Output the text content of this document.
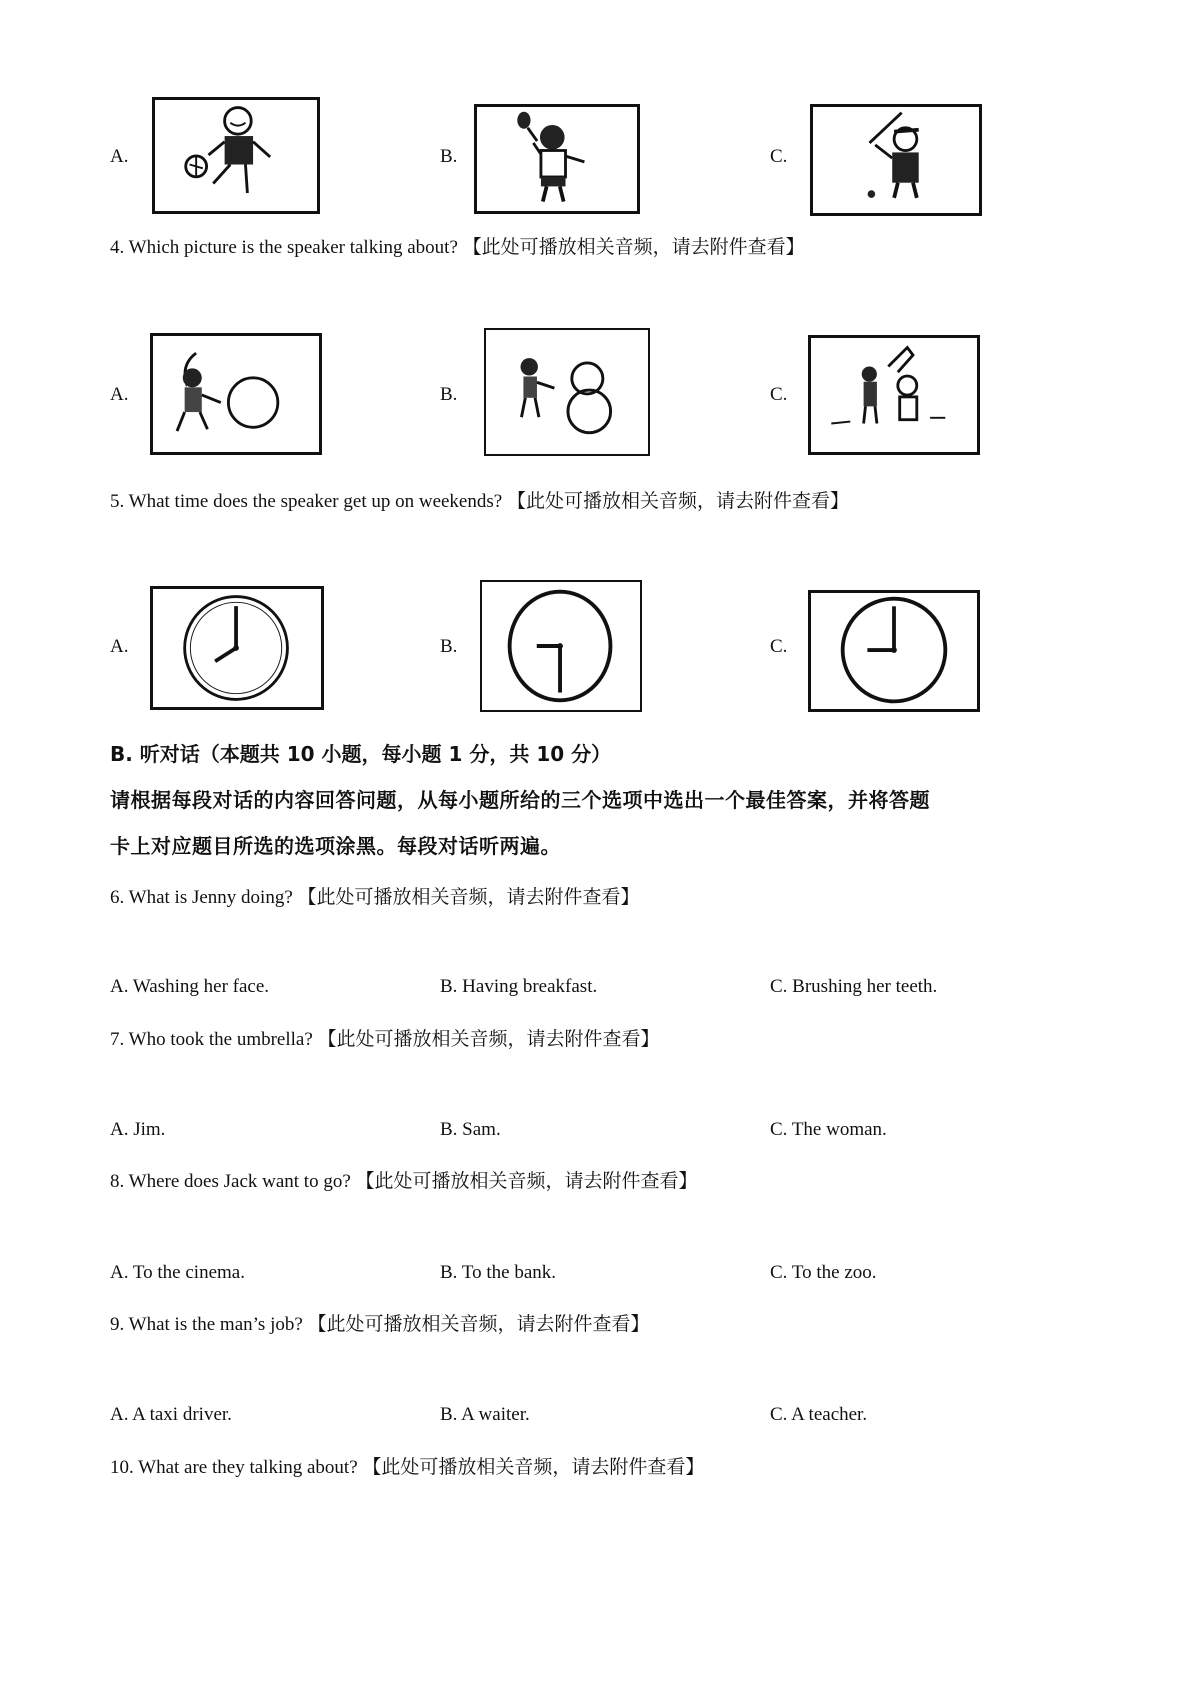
A.	B.	C.
4. Which picture is the speaker talking about? 【此处可播放相关音频，请去附件查看】
A.	B.	C.
5. What time does the speaker get up on weekends? 【此处可播放相关音频，请去附件查看】
A.	B.	C.
B. 听对话（本题共 10 小题，每小题 1 分，共 10 分）
请根据每段对话的内容回答问题，从每小题所给的三个选项中选出一个最佳答案，并将答题
卡上对应题目所选的选项涂黑。每段对话听两遍。
6. What is Jenny doing? 【此处可播放相关音频，请去附件查看】
A. Washing her face.	B. Having breakfast.	C. Brushing her teeth.
7. Who took the umbrella? 【此处可播放相关音频，请去附件查看】
A. Jim.	B. Sam.	C. The woman.
8. Where does Jack want to go? 【此处可播放相关音频，请去附件查看】
A. To the cinema.	B. To the bank.	C. To the zoo.
9. What is the man’s job? 【此处可播放相关音频，请去附件查看】
A. A taxi driver.	B. A waiter.	C. A teacher.
10. What are they talking about? 【此处可播放相关音频，请去附件查看】
